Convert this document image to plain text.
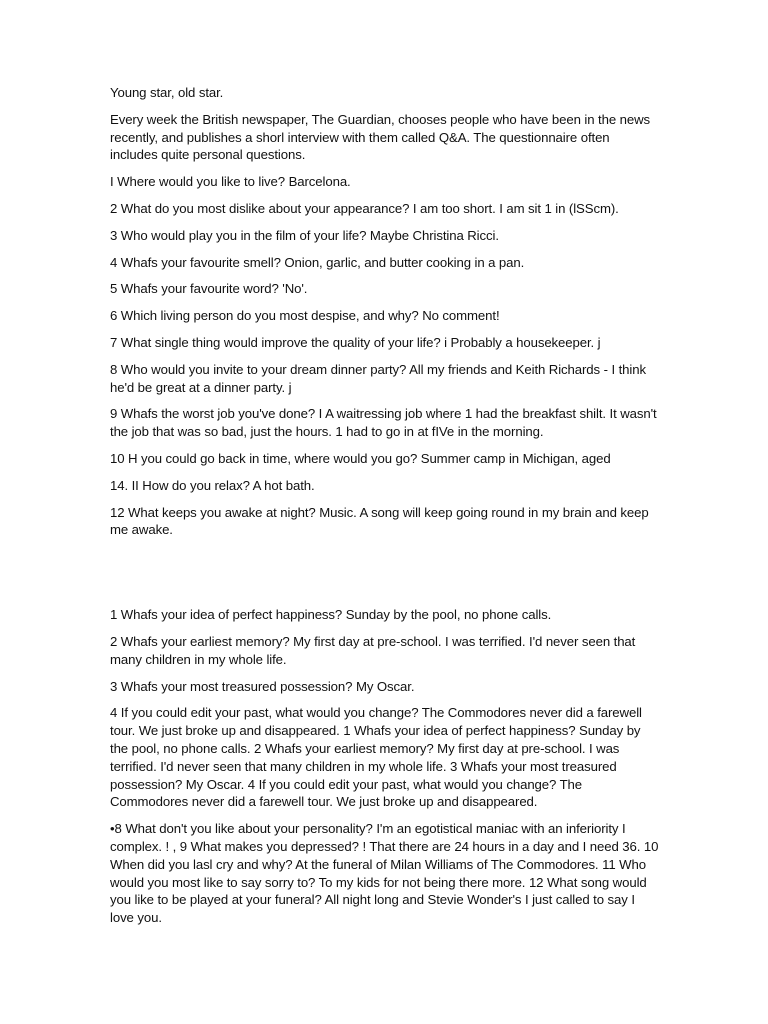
Young star, old star.

Every week the British newspaper, The Guardian, chooses people who have been in the news recently, and publishes a shorl interview with them called Q&A. The questionnaire often includes quite personal questions.

I Where would you like to live? Barcelona.

2 What do you most dislike about your appearance? I am too short. I am sit 1 in (lSScm).

3 Who would play you in the film of your life? Maybe Christina Ricci.

4 Whafs your favourite smell? Onion, garlic, and butter cooking in a pan.

5 Whafs your favourite word? 'No'.

6 Which living person do you most despise, and why? No comment!

7 What single thing would improve the quality of your life? i Probably a housekeeper. j

8 Who would you invite to your dream dinner party? All my friends and Keith Richards - I think he'd be great at a dinner party. j

9 Whafs the worst job you've done? I A waitressing job where 1 had the breakfast shilt. It wasn't the job that was so bad, just the hours. 1 had to go in at fIVe in the morning.

10 H you could go back in time, where would you go? Summer camp in Michigan, aged

14. II How do you relax? A hot bath.

12 What keeps you awake at night? Music. A song will keep going round in my brain and keep me awake.

1 Whafs your idea of perfect happiness? Sunday by the pool, no phone calls.

2 Whafs your earliest memory? My first day at pre-school. I was terrified. I'd never seen that many children in my whole life.

3 Whafs your most treasured possession? My Oscar.

4 If you could edit your past, what would you change? The Commodores never did a farewell tour. We just broke up and disappeared. 1 Whafs your idea of perfect happiness? Sunday by the pool, no phone calls. 2 Whafs your earliest memory? My first day at pre-school. I was terrified. I'd never seen that many children in my whole life. 3 Whafs your most treasured possession? My Oscar. 4 If you could edit your past, what would you change? The Commodores never did a farewell tour. We just broke up and disappeared.

•8 What don't you like about your personality? I'm an egotistical maniac with an inferiority I complex. ! , 9 What makes you depressed? ! That there are 24 hours in a day and I need 36. 10 When did you lasl cry and why? At the funeral of Milan Williams of The Commodores. 11 Who would you most like to say sorry to? To my kids for not being there more. 12 What song would you like to be played at your funeral? All night long and Stevie Wonder's I just called to say I love you.
